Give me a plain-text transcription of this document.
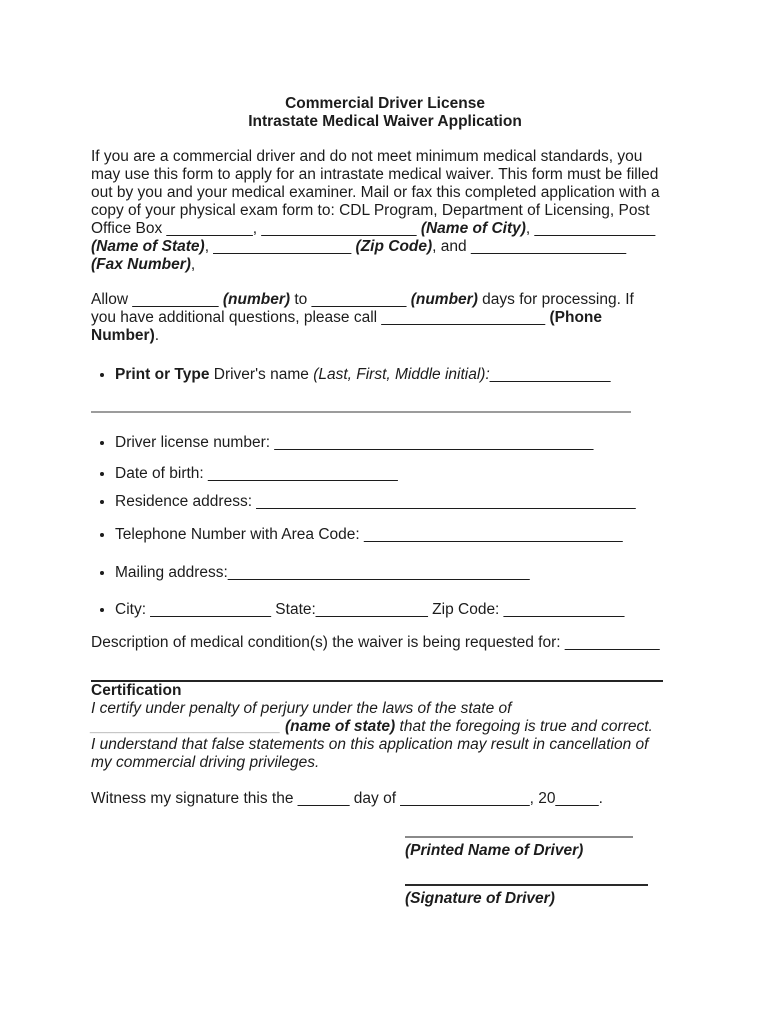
Commercial Driver License
Intrastate Medical Waiver Application

If you are a commercial driver and do not meet minimum medical standards, you may use this form to apply for an intrastate medical waiver. This form must be filled out by you and your medical examiner. Mail or fax this completed application with a copy of your physical exam form to: CDL Program, Department of Licensing, Post Office Box __________, __________________ (Name of City), ______________ (Name of State), ________________ (Zip Code), and __________________ (Fax Number),

Allow __________ (number) to ___________ (number) days for processing. If you have additional questions, please call ___________________ (Phone Number).

• Print or Type Driver's name (Last, First, Middle initial):______________
• Driver license number: _____________________________________
• Date of birth: ______________________
• Residence address: ____________________________________________
• Telephone Number with Area Code: ______________________________
• Mailing address:___________________________________
• City: ______________ State:_____________ Zip Code: ______________

Description of medical condition(s) the waiver is being requested for: ___________

Certification

I certify under penalty of perjury under the laws of the state of ______________________ (name of state) that the foregoing is true and correct. I understand that false statements on this application may result in cancellation of my commercial driving privileges.

Witness my signature this the ______ day of _______________, 20_____.

(Printed Name of Driver)
(Signature of Driver)
